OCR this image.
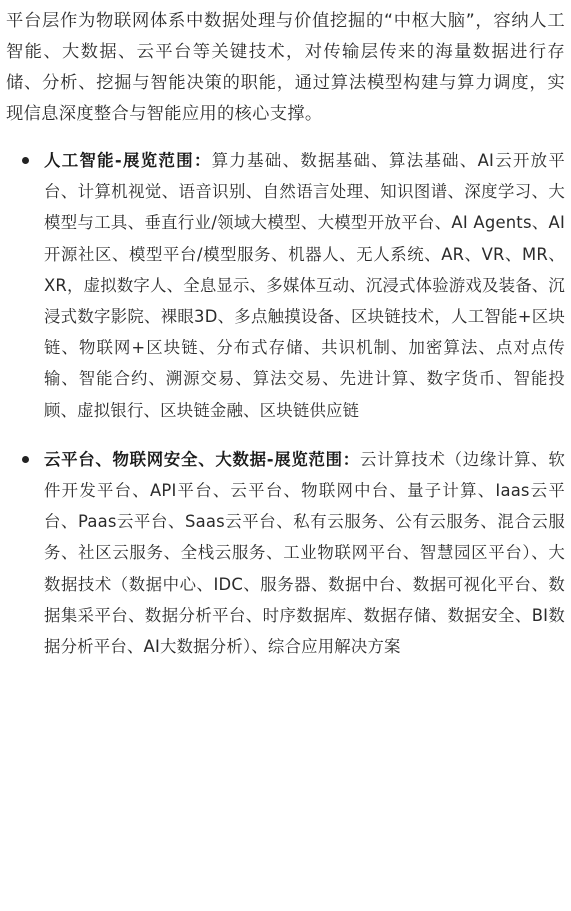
平台层作为物联网体系中数据处理与价值挖掘的“中枢大脑”，容纳人工智能、大数据、云平台等关键技术，对传输层传来的海量数据进行存储、分析、挖掘与智能决策的职能，通过算法模型构建与算力调度，实现信息深度整合与智能应用的核心支撑。

人工智能-展览范围：算力基础、数据基础、算法基础、AI云开放平台、计算机视觉、语音识别、自然语言处理、知识图谱、深度学习、大模型与工具、垂直行业/领域大模型、大模型开放平台、AI Agents、AI开源社区、模型平台/模型服务、机器人、无人系统、AR、VR、MR、XR，虚拟数字人、全息显示、多媒体互动、沉浸式体验游戏及装备、沉浸式数字影院、裸眼3D、多点触摸设备、区块链技术，人工智能+区块链、物联网+区块链、分布式存储、共识机制、加密算法、点对点传输、智能合约、溯源交易、算法交易、先进计算、数字货币、智能投顾、虚拟银行、区块链金融、区块链供应链

云平台、物联网安全、大数据-展览范围：云计算技术（边缘计算、软件开发平台、API平台、云平台、物联网中台、量子计算、Iaas云平台、Paas云平台、Saas云平台、私有云服务、公有云服务、混合云服务、社区云服务、全栈云服务、工业物联网平台、智慧园区平台）、大数据技术（数据中心、IDC、服务器、数据中台、数据可视化平台、数据集采平台、数据分析平台、时序数据库、数据存储、数据安全、BI数据分析平台、AI大数据分析）、综合应用解决方案
